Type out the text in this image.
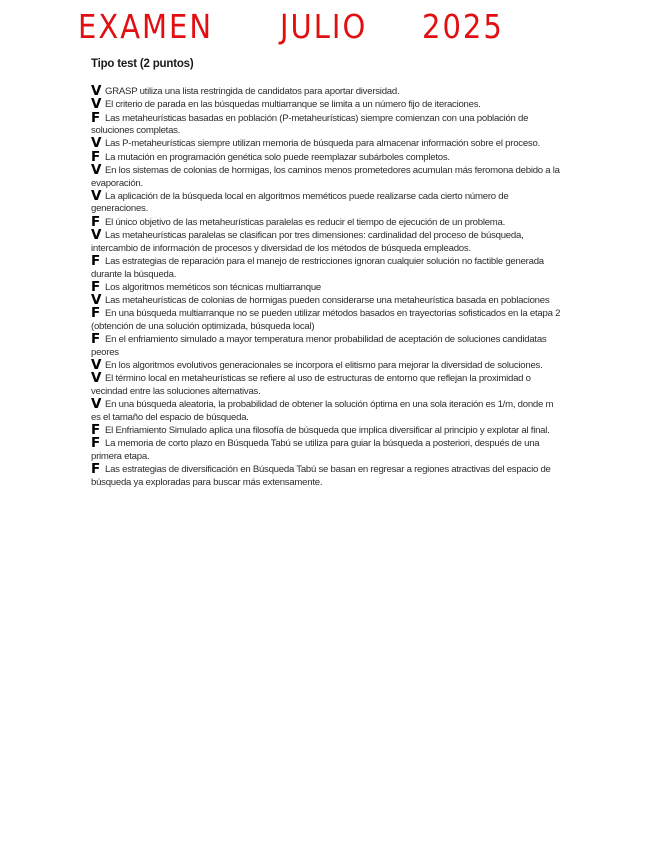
EXAMEN JULIO 2025
Tipo test (2 puntos)
V GRASP utiliza una lista restringida de candidatos para aportar diversidad.
V El criterio de parada en las búsquedas multiarranque se limita a un número fijo de iteraciones.
F Las metaheurísticas basadas en población (P-metaheurísticas) siempre comienzan con una población de soluciones completas.
V Las P-metaheurísticas siempre utilizan memoria de búsqueda para almacenar información sobre el proceso.
F La mutación en programación genética solo puede reemplazar subárboles completos.
V En los sistemas de colonias de hormigas, los caminos menos prometedores acumulan más feromona debido a la evaporación.
V La aplicación de la búsqueda local en algoritmos meméticos puede realizarse cada cierto número de generaciones.
F El único objetivo de las metaheurísticas paralelas es reducir el tiempo de ejecución de un problema.
V Las metaheurísticas paralelas se clasifican por tres dimensiones: cardinalidad del proceso de búsqueda, intercambio de información de procesos y diversidad de los métodos de búsqueda empleados.
F Las estrategias de reparación para el manejo de restricciones ignoran cualquier solución no factible generada durante la búsqueda.
F Los algoritmos meméticos son técnicas multiarranque
V Las metaheurísticas de colonias de hormigas pueden considerarse una metaheurística basada en poblaciones
F En una búsqueda multiarranque no se pueden utilizar métodos basados en trayectorias sofisticados en la etapa 2 (obtención de una solución optimizada, búsqueda local)
F En el enfriamiento simulado a mayor temperatura menor probabilidad de aceptación de soluciones candidatas peores
V En los algoritmos evolutivos generacionales se incorpora el elitismo para mejorar la diversidad de soluciones.
V El término local en metaheurísticas se refiere al uso de estructuras de entorno que reflejan la proximidad o vecindad entre las soluciones alternativas.
V En una búsqueda aleatoria, la probabilidad de obtener la solución óptima en una sola iteración es 1/m, donde m es el tamaño del espacio de búsqueda.
F El Enfriamiento Simulado aplica una filosofía de búsqueda que implica diversificar al principio y explotar al final.
F La memoria de corto plazo en Búsqueda Tabú se utiliza para guiar la búsqueda a posteriori, después de una primera etapa.
F Las estrategias de diversificación en Búsqueda Tabú se basan en regresar a regiones atractivas del espacio de búsqueda ya exploradas para buscar más extensamente.
